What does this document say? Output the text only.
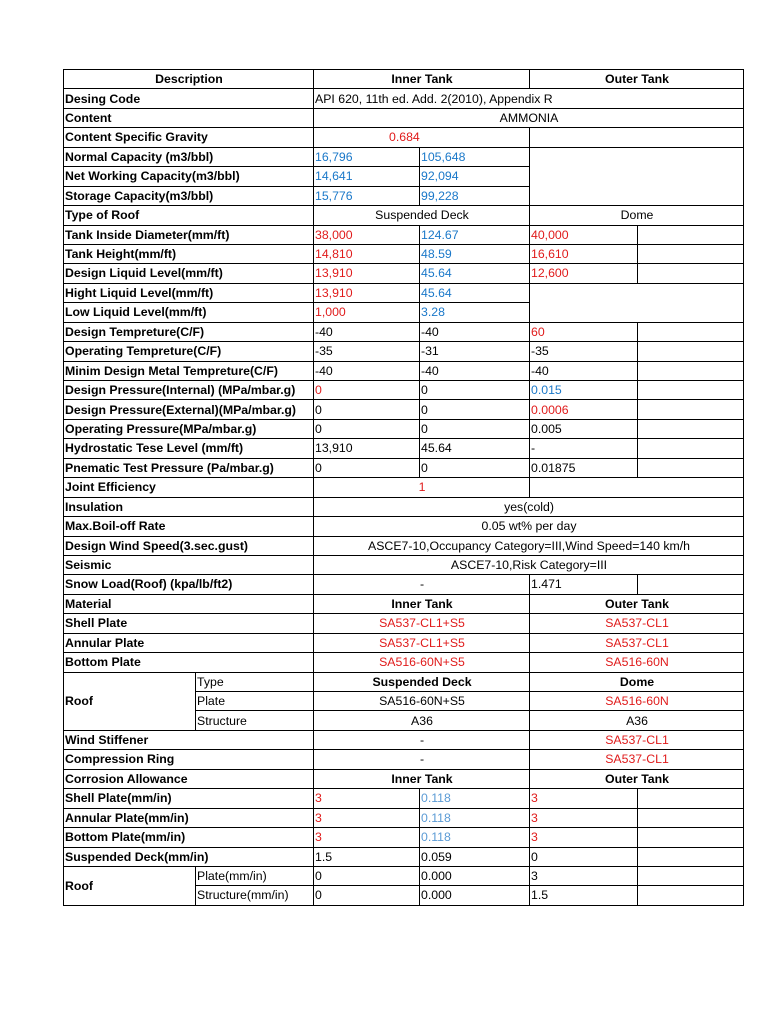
Description		Inner Tank		Outer Tank	
Desing Code		API 620, 11th ed. Add. 2(2010), Appendix R			
Content		AMMONIA			
Content Specific Gravity		0.684			
Normal Capacity (m3/bbl)		16,796	105,648		
Net Working Capacity(m3/bbl)		14,641	92,094		
Storage Capacity(m3/bbl)		15,776	99,228		
Type of Roof		Suspended Deck		Dome	
Tank Inside Diameter(mm/ft)		38,000	124.67	40,000	
Tank Height(mm/ft)		14,810	48.59	16,610	
Design Liquid Level(mm/ft)		13,910	45.64	12,600	
Hight Liquid Level(mm/ft)		13,910	45.64		
Low Liquid Level(mm/ft)		1,000	3.28		
Design Tempreture(C/F)		-40	-40	60	
Operating Tempreture(C/F)		-35	-31	-35	
Minim Design Metal Tempreture(C/F)		-40	-40	-40	
Design Pressure(Internal) (MPa/mbar.g)		0	0	0.015	
Design Pressure(External)(MPa/mbar.g)		0	0	0.0006	
Operating Pressure(MPa/mbar.g)		0	0	0.005	
Hydrostatic Tese Level (mm/ft)		13,910	45.64	-	
Pnematic Test Pressure (Pa/mbar.g)		0	0	0.01875	
Joint Efficiency		1			
Insulation		yes(cold)			
Max.Boil-off Rate		0.05 wt% per day			
Design Wind Speed(3.sec.gust)		ASCE7-10,Occupancy Category=III,Wind Speed=140 km/h			
Seismic		ASCE7-10,Risk Category=III			
Snow Load(Roof) (kpa/lb/ft2)		-		1.471	
Material		Inner Tank		Outer Tank	
Shell Plate		SA537-CL1+S5		SA537-CL1	
Annular Plate		SA537-CL1+S5		SA537-CL1	
Bottom Plate		SA516-60N+S5		SA516-60N	
Roof	Type	Suspended Deck		Dome	
	Plate	SA516-60N+S5		SA516-60N	
	Structure	A36		A36	
Wind Stiffener		-		SA537-CL1	
Compression Ring		-		SA537-CL1	
Corrosion Allowance		Inner Tank		Outer Tank	
Shell Plate(mm/in)		3	0.118	3	
Annular Plate(mm/in)		3	0.118	3	
Bottom Plate(mm/in)		3	0.118	3	
Suspended Deck(mm/in)		1.5	0.059	0	
Roof	Plate(mm/in)	0	0.000	3	
	Structure(mm/in)	0	0.000	1.5	
